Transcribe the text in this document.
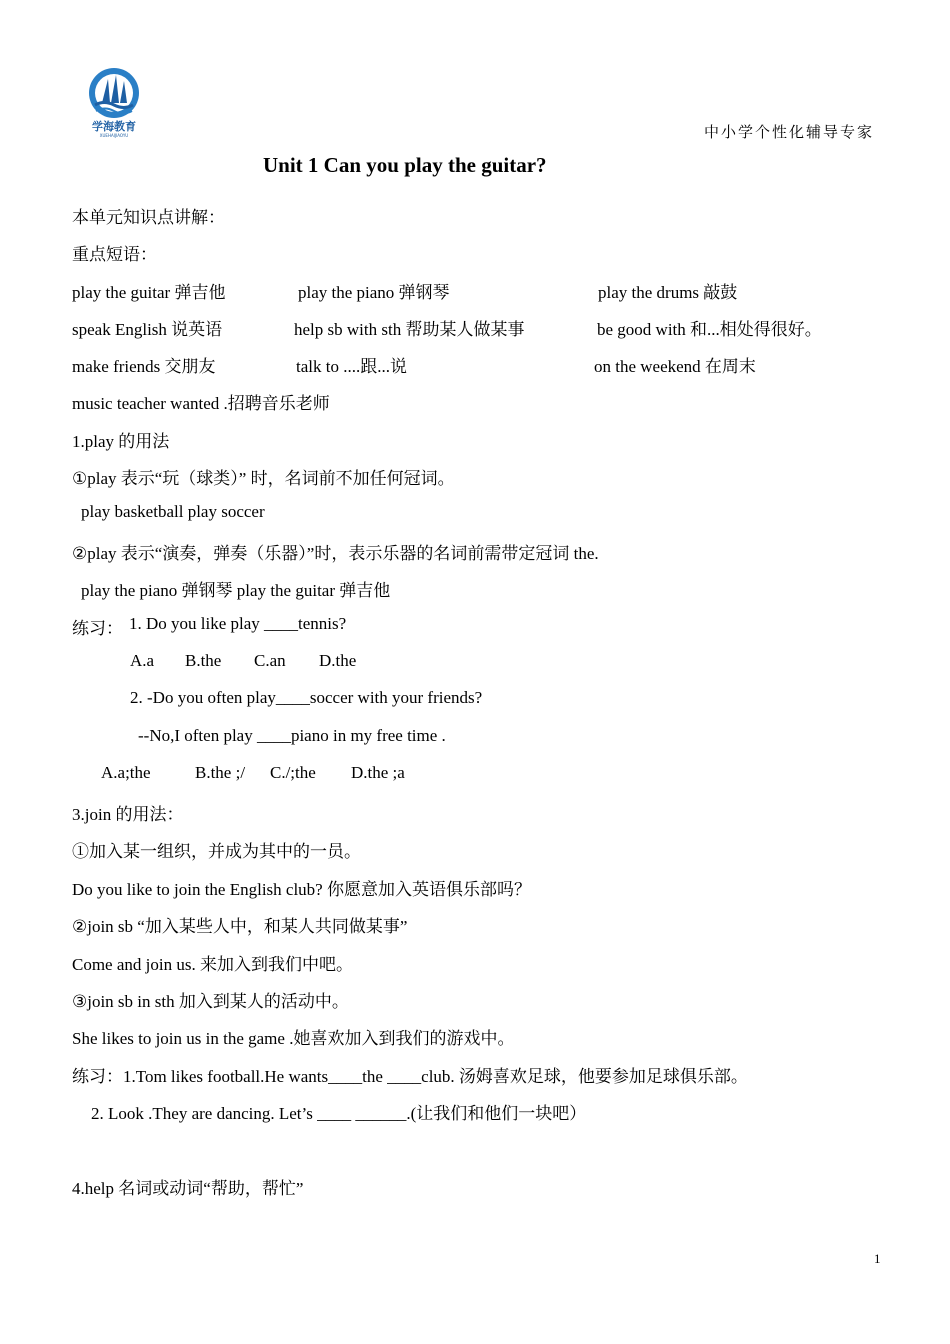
学海教育
XUEHAIJIAOYU	中小学个性化辅导专家
Unit 1 Can you play the guitar?
本单元知识点讲解：
重点短语：
play the guitar 弹吉他	play the piano 弹钢琴	play the drums 敲鼓
speak English 说英语	help sb with sth 帮助某人做某事	be good with 和...相处得很好。
make friends 交朋友	talk to ....跟...说	on the weekend 在周末
music teacher wanted .招聘音乐老师
1.play 的用法
①play 表示“玩（球类）” 时，名词前不加任何冠词。
play basketball play soccer
②play 表示“演奏，弹奏（乐器）”时，表示乐器的名词前需带定冠词 the.
play the piano 弹钢琴 play the guitar 弹吉他
练习： 1. Do you like play ____tennis?
A.a B.the C.an D.the
2. -Do you often play____soccer with your friends?
--No,I often play ____piano in my free time .
A.a;the	B.the ;/ C./;the D.the ;a
3.join 的用法：
①加入某一组织，并成为其中的一员。
Do you like to join the English club? 你愿意加入英语俱乐部吗？
②join sb “加入某些人中，和某人共同做某事”
Come and join us. 来加入到我们中吧。
③join sb in sth 加入到某人的活动中。
She likes to join us in the game .她喜欢加入到我们的游戏中。
练习：1.Tom likes football.He wants____the ____club. 汤姆喜欢足球，他要参加足球俱乐部。
2. Look .They are dancing. Let’s ____ ______.(让我们和他们一块吧）
4.help 名词或动词“帮助，帮忙”
1
